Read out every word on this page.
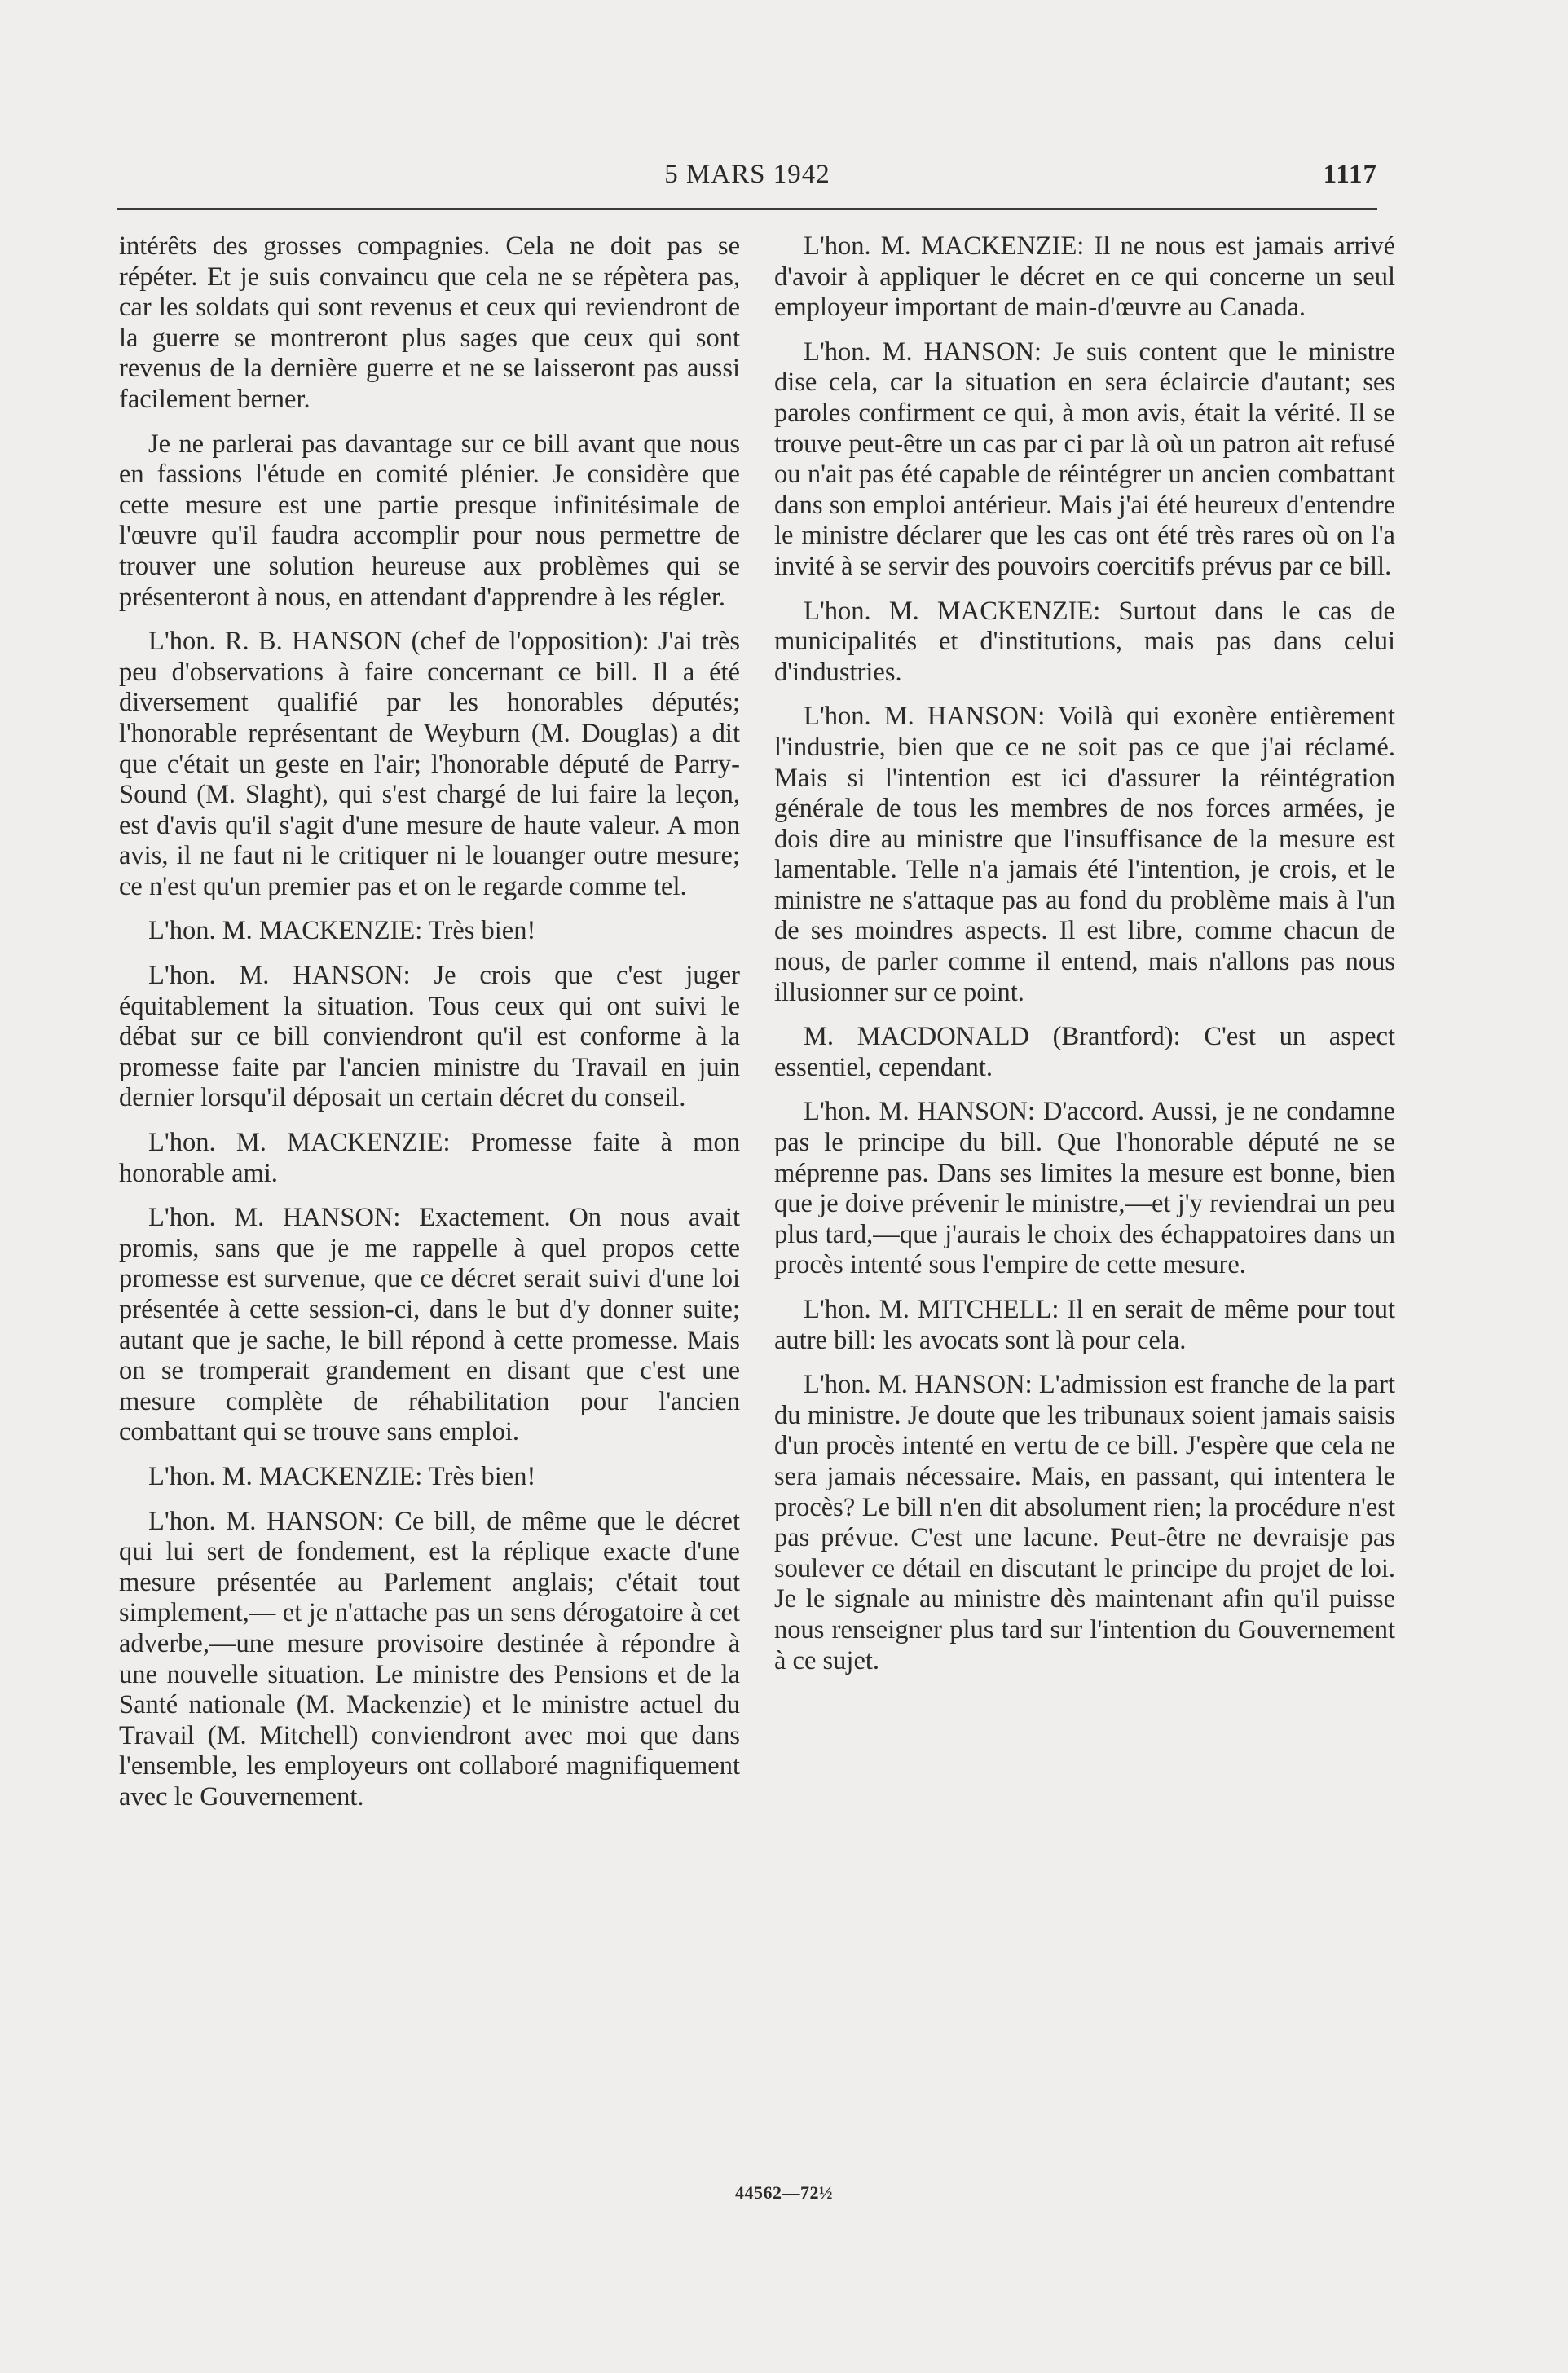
5 MARS 1942	1117

intérêts des grosses compagnies. Cela ne doit pas se répéter. Et je suis convaincu que cela ne se répètera pas, car les soldats qui sont revenus et ceux qui reviendront de la guerre se montreront plus sages que ceux qui sont revenus de la dernière guerre et ne se laisseront pas aussi facilement berner.

Je ne parlerai pas davantage sur ce bill avant que nous en fassions l'étude en comité plénier. Je considère que cette mesure est une partie presque infinitésimale de l'œuvre qu'il faudra accomplir pour nous permettre de trouver une solution heureuse aux problèmes qui se présenteront à nous, en attendant d'apprendre à les régler.

L'hon. R. B. HANSON (chef de l'opposition): J'ai très peu d'observations à faire concernant ce bill. Il a été diversement qualifié par les honorables députés; l'honorable représentant de Weyburn (M. Douglas) a dit que c'était un geste en l'air; l'honorable député de Parry-Sound (M. Slaght), qui s'est chargé de lui faire la leçon, est d'avis qu'il s'agit d'une mesure de haute valeur. A mon avis, il ne faut ni le critiquer ni le louanger outre mesure; ce n'est qu'un premier pas et on le regarde comme tel.

L'hon. M. MACKENZIE: Très bien!

L'hon. M. HANSON: Je crois que c'est juger équitablement la situation. Tous ceux qui ont suivi le débat sur ce bill conviendront qu'il est conforme à la promesse faite par l'ancien ministre du Travail en juin dernier lorsqu'il déposait un certain décret du conseil.

L'hon. M. MACKENZIE: Promesse faite à mon honorable ami.

L'hon. M. HANSON: Exactement. On nous avait promis, sans que je me rappelle à quel propos cette promesse est survenue, que ce décret serait suivi d'une loi présentée à cette session-ci, dans le but d'y donner suite; autant que je sache, le bill répond à cette promesse. Mais on se tromperait grandement en disant que c'est une mesure complète de réhabilitation pour l'ancien combattant qui se trouve sans emploi.

L'hon. M. MACKENZIE: Très bien!

L'hon. M. HANSON: Ce bill, de même que le décret qui lui sert de fondement, est la réplique exacte d'une mesure présentée au Parlement anglais; c'était tout simplement,— et je n'attache pas un sens dérogatoire à cet adverbe,—une mesure provisoire destinée à répondre à une nouvelle situation. Le ministre des Pensions et de la Santé nationale (M. Mackenzie) et le ministre actuel du Travail (M. Mitchell) conviendront avec moi que dans l'ensemble, les employeurs ont collaboré magnifiquement avec le Gouvernement.

L'hon. M. MACKENZIE: Il ne nous est jamais arrivé d'avoir à appliquer le décret en ce qui concerne un seul employeur important de main-d'œuvre au Canada.

L'hon. M. HANSON: Je suis content que le ministre dise cela, car la situation en sera éclaircie d'autant; ses paroles confirment ce qui, à mon avis, était la vérité. Il se trouve peut-être un cas par ci par là où un patron ait refusé ou n'ait pas été capable de réintégrer un ancien combattant dans son emploi antérieur. Mais j'ai été heureux d'entendre le ministre déclarer que les cas ont été très rares où on l'a invité à se servir des pouvoirs coercitifs prévus par ce bill.

L'hon. M. MACKENZIE: Surtout dans le cas de municipalités et d'institutions, mais pas dans celui d'industries.

L'hon. M. HANSON: Voilà qui exonère entièrement l'industrie, bien que ce ne soit pas ce que j'ai réclamé. Mais si l'intention est ici d'assurer la réintégration générale de tous les membres de nos forces armées, je dois dire au ministre que l'insuffisance de la mesure est lamentable. Telle n'a jamais été l'intention, je crois, et le ministre ne s'attaque pas au fond du problème mais à l'un de ses moindres aspects. Il est libre, comme chacun de nous, de parler comme il entend, mais n'allons pas nous illusionner sur ce point.

M. MACDONALD (Brantford): C'est un aspect essentiel, cependant.

L'hon. M. HANSON: D'accord. Aussi, je ne condamne pas le principe du bill. Que l'honorable député ne se méprenne pas. Dans ses limites la mesure est bonne, bien que je doive prévenir le ministre,—et j'y reviendrai un peu plus tard,—que j'aurais le choix des échappatoires dans un procès intenté sous l'empire de cette mesure.

L'hon. M. MITCHELL: Il en serait de même pour tout autre bill: les avocats sont là pour cela.

L'hon. M. HANSON: L'admission est franche de la part du ministre. Je doute que les tribunaux soient jamais saisis d'un procès intenté en vertu de ce bill. J'espère que cela ne sera jamais nécessaire. Mais, en passant, qui intentera le procès? Le bill n'en dit absolument rien; la procédure n'est pas prévue. C'est une lacune. Peut-être ne devraisje pas soulever ce détail en discutant le principe du projet de loi. Je le signale au ministre dès maintenant afin qu'il puisse nous renseigner plus tard sur l'intention du Gouvernement à ce sujet.

44562—72½
